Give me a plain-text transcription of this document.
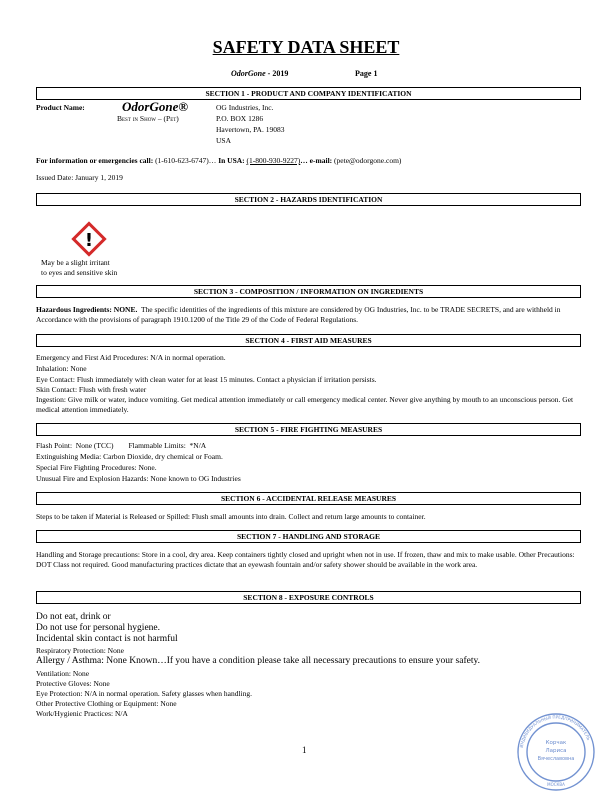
SAFETY DATA SHEET
OdorGone - 2019	Page 1
SECTION 1 - PRODUCT AND COMPANY IDENTIFICATION
Product Name:	OdorGone®
Best in Show – (Pet)
OG Industries, Inc.
P.O. BOX 1286
Havertown, PA. 19083
USA
For information or emergencies call: (1-610-623-6747)… In USA: (1-800-930-9227)… e-mail: (pete@odorgone.com)
Issued Date: January 1, 2019
SECTION 2 - HAZARDS IDENTIFICATION
!
May be a slight irritant
to eyes and sensitive skin
SECTION 3 - COMPOSITION / INFORMATION ON INGREDIENTS
Hazardous Ingredients: NONE. The specific identities of the ingredients of this mixture are considered by OG Industries, Inc. to be TRADE SECRETS, and are withheld in Accordance with the provisions of paragraph 1910.1200 of the Title 29 of the Code of Federal Regulations.
SECTION 4 - FIRST AID MEASURES
Emergency and First Aid Procedures: N/A in normal operation.
Inhalation: None
Eye Contact: Flush immediately with clean water for at least 15 minutes. Contact a physician if irritation persists.
Skin Contact: Flush with fresh water
Ingestion: Give milk or water, induce vomiting. Get medical attention immediately or call emergency medical center. Never give anything by mouth to an unconscious person. Get medical attention immediately.
SECTION 5 - FIRE FIGHTING MEASURES
Flash Point:  None (TCC)        Flammable Limits:  *N/A
Extinguishing Media: Carbon Dioxide, dry chemical or Foam.
Special Fire Fighting Procedures: None.
Unusual Fire and Explosion Hazards: None known to OG Industries
SECTION 6 - ACCIDENTAL RELEASE MEASURES
Steps to be taken if Material is Released or Spilled: Flush small amounts into drain. Collect and return large amounts to container.
SECTION 7 - HANDLING AND STORAGE
Handling and Storage precautions: Store in a cool, dry area. Keep containers tightly closed and upright when not in use. If frozen, thaw and mix to make usable. Other Precautions: DOT Class not required. Good manufacturing practices dictate that an eyewash fountain and/or safety shower should be available in the work area.
SECTION 8 - EXPOSURE CONTROLS
Do not eat, drink or
Do not use for personal hygiene.
Incidental skin contact is not harmful
Respiratory Protection: None
Allergy / Asthma: None Known…If you have a condition please take all necessary precautions to ensure your safety.
Ventilation: None
Protective Gloves: None
Eye Protection: N/A in normal operation. Safety glasses when handling.
Other Protective Clothing or Equipment: None
Work/Hygienic Practices: N/A
1	ИНДИВИДУАЛЬНЫЙ ПРЕДПРИНИМАТЕЛЬ
МОСКВА
Корчак
Лариса
Вячеславовна
